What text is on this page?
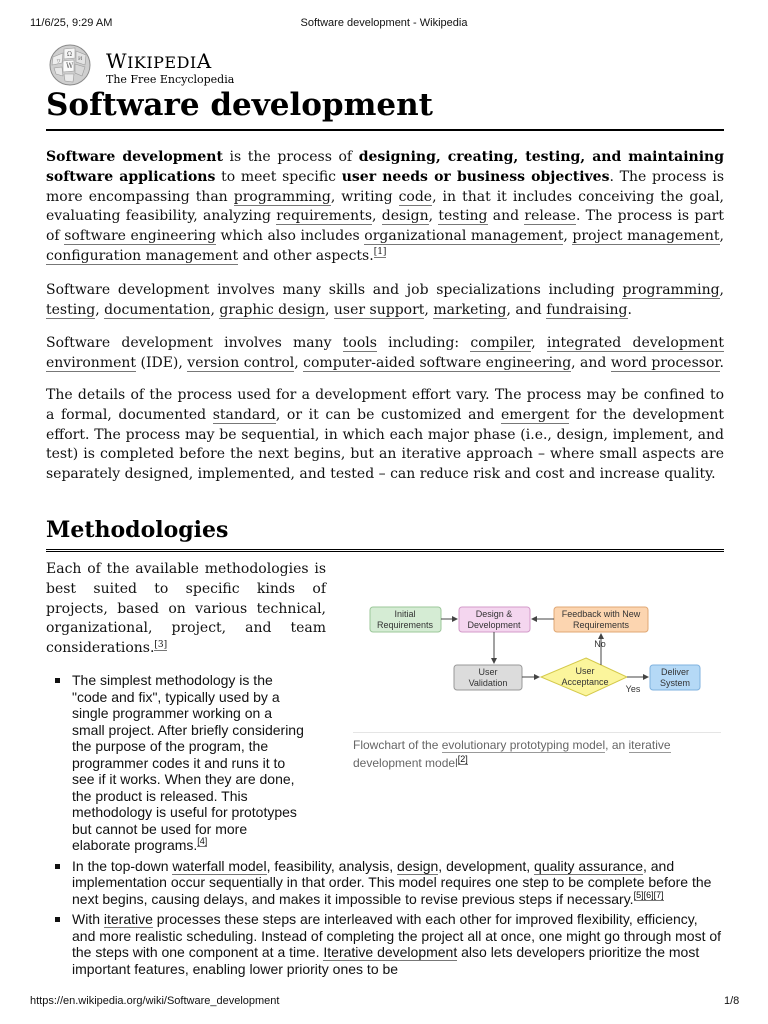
11/6/25, 9:29 AM	Software development - Wikipedia
Ω
W
ワ	И WIKIPEDIA
The Free Encyclopedia
Software development

Software development is the process of designing, creating, testing, and maintaining software applications to meet specific user needs or business objectives. The process is more encompassing than programming, writing code, in that it includes conceiving the goal, evaluating feasibility, analyzing requirements, design, testing and release. The process is part of software engineering which also includes organizational management, project management, configuration management and other aspects.[1]

Software development involves many skills and job specializations including programming, testing, documentation, graphic design, user support, marketing, and fundraising.

Software development involves many tools including: compiler, integrated development environment (IDE), version control, computer-aided software engineering, and word processor.

The details of the process used for a development effort vary. The process may be confined to a formal, documented standard, or it can be customized and emergent for the development effort. The process may be sequential, in which each major phase (i.e., design, implement, and test) is completed before the next begins, but an iterative approach – where small aspects are separately designed, implemented, and tested – can reduce risk and cost and increase quality.

Methodologies

Each of the available methodologies is best suited to specific kinds of projects, based on various technical, organizational, project, and team considerations.[3]

Initial
Requirements
Design &
Development
Feedback with New
Requirements
User
Validation
User
Acceptance
Deliver
System
No
Yes
Flowchart of the evolutionary prototyping model, an iterative development model[2]
The simplest methodology is the "code and fix", typically used by a single programmer working on a small project. After briefly considering the purpose of the program, the programmer codes it and runs it to see if it works. When they are done, the product is released. This methodology is useful for prototypes but cannot be used for more elaborate programs.[4]
In the top-down waterfall model, feasibility, analysis, design, development, quality assurance, and implementation occur sequentially in that order. This model requires one step to be complete before the next begins, causing delays, and makes it impossible to revise previous steps if necessary.[5][6][7]
With iterative processes these steps are interleaved with each other for improved flexibility, efficiency, and more realistic scheduling. Instead of completing the project all at once, one might go through most of the steps with one component at a time. Iterative development also lets developers prioritize the most important features, enabling lower priority ones to be
https://en.wikipedia.org/wiki/Software_development	1/8
